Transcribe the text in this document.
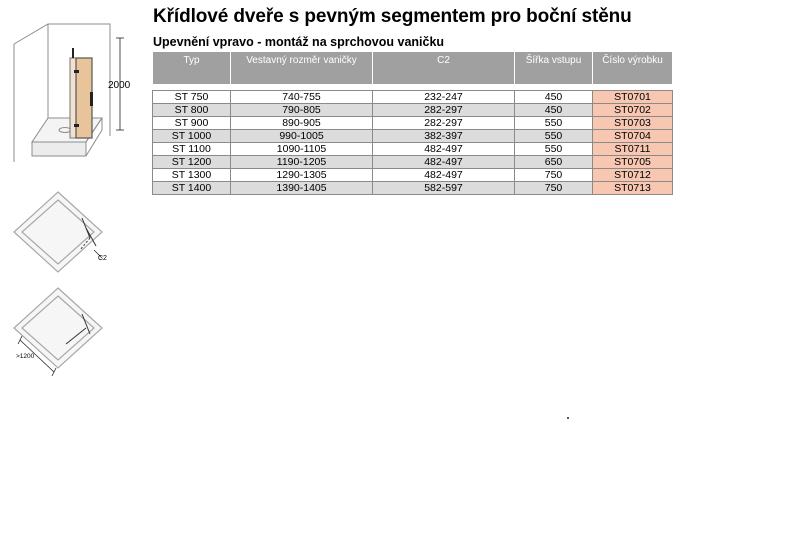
Křídlové dveře s pevným segmentem pro boční stěnu
Upevnění vpravo - montáž na sprchovou vaničku
2000
C2
>1200
Typ	Vestavný rozměr vaničky	C2	Šířka vstupu	Číslo výrobku

ST 750	740-755	232-247	450	ST0701
ST 800	790-805	282-297	450	ST0702
ST 900	890-905	282-297	550	ST0703
ST 1000	990-1005	382-397	550	ST0704
ST 1100	1090-1105	482-497	550	ST0711
ST 1200	1190-1205	482-497	650	ST0705
ST 1300	1290-1305	482-497	750	ST0712
ST 1400	1390-1405	582-597	750	ST0713
